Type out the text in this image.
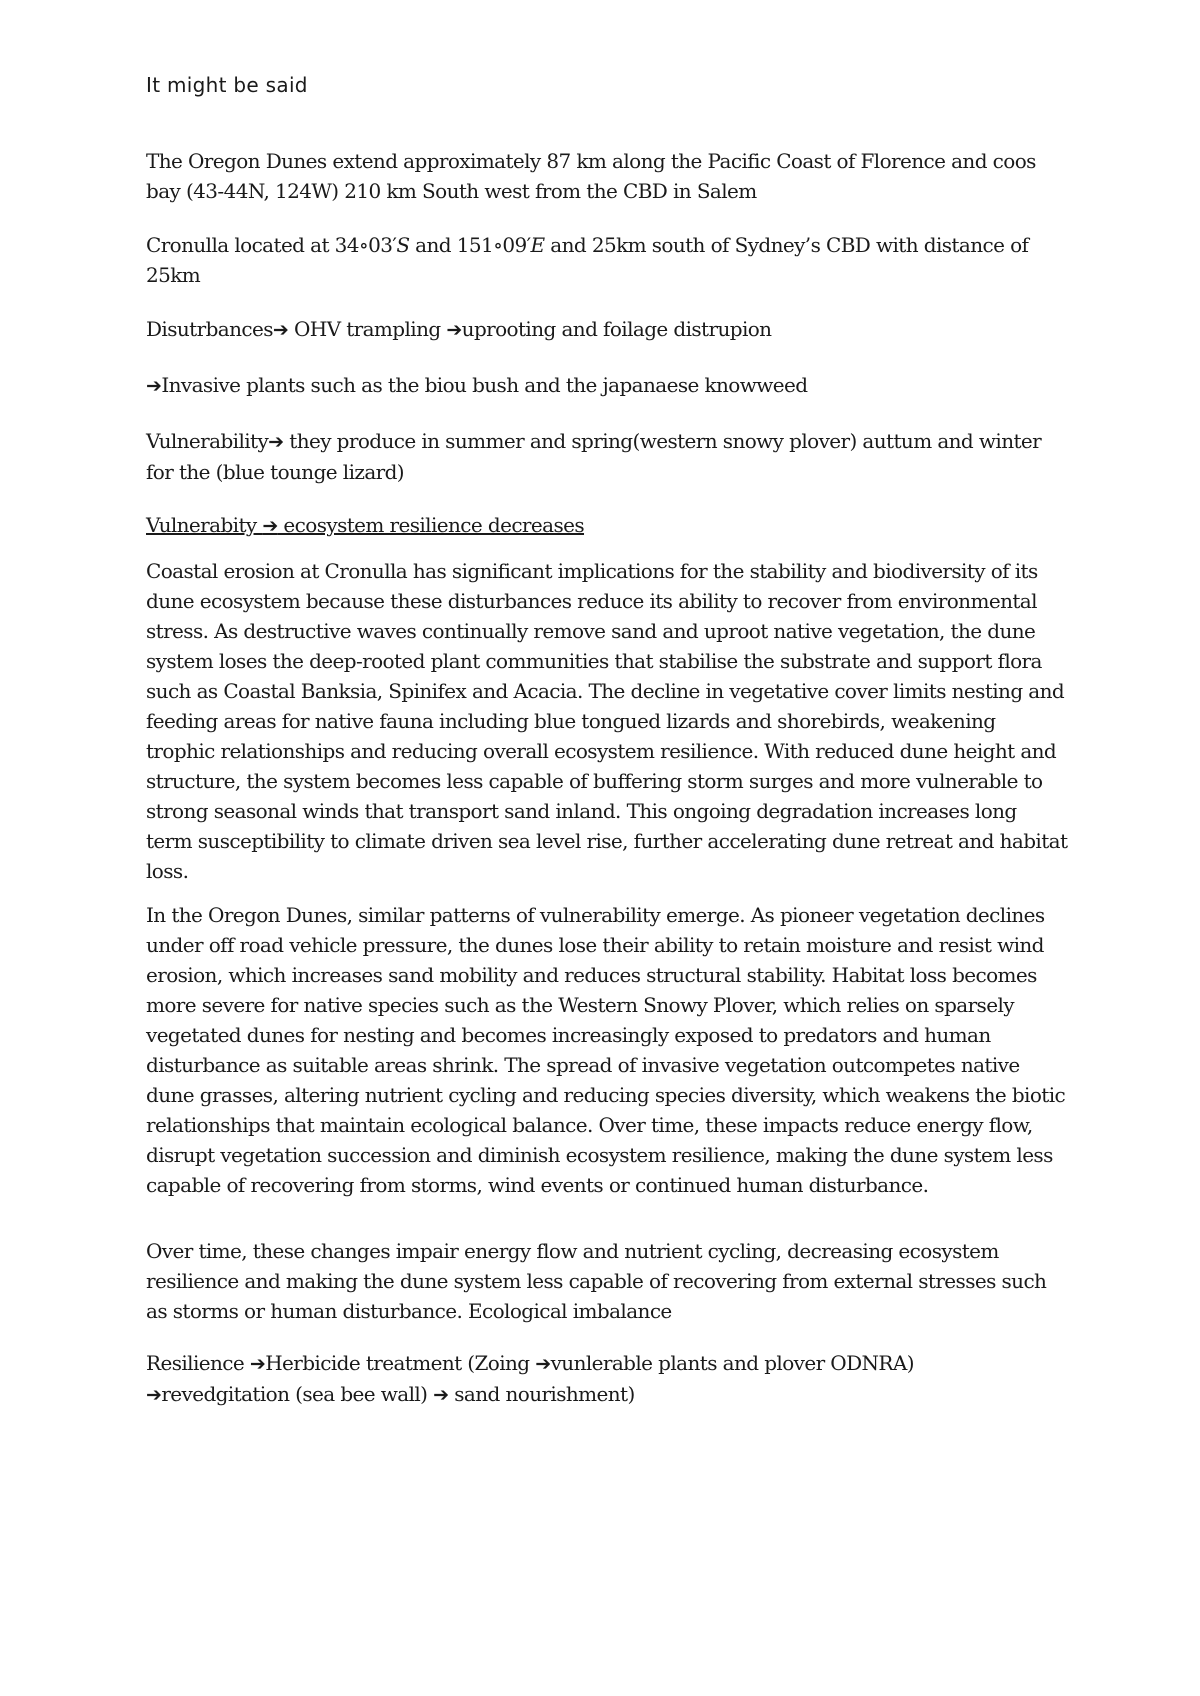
It might be said

The Oregon Dunes extend approximately 87 km along the Pacific Coast of Florence and coos bay (43-44N, 124W) 210 km South west from the CBD in Salem

Cronulla located at 34∘03′S and 151∘09′E and 25km south of Sydney’s CBD with distance of 25km

Disutrbances➔ OHV trampling ➔uprooting and foilage distrupion

➔Invasive plants such as the biou bush and the japanaese knowweed

Vulnerability➔ they produce in summer and spring(western snowy plover) auttum and winter for the (blue tounge lizard)

Vulnerabity ➔ ecosystem resilience decreases

Coastal erosion at Cronulla has significant implications for the stability and biodiversity of its dune ecosystem because these disturbances reduce its ability to recover from environmental stress. As destructive waves continually remove sand and uproot native vegetation, the dune system loses the deep-rooted plant communities that stabilise the substrate and support flora such as Coastal Banksia, Spinifex and Acacia. The decline in vegetative cover limits nesting and feeding areas for native fauna including blue tongued lizards and shorebirds, weakening trophic relationships and reducing overall ecosystem resilience. With reduced dune height and structure, the system becomes less capable of buffering storm surges and more vulnerable to strong seasonal winds that transport sand inland. This ongoing degradation increases long term susceptibility to climate driven sea level rise, further accelerating dune retreat and habitat loss.

In the Oregon Dunes, similar patterns of vulnerability emerge. As pioneer vegetation declines under off road vehicle pressure, the dunes lose their ability to retain moisture and resist wind erosion, which increases sand mobility and reduces structural stability. Habitat loss becomes more severe for native species such as the Western Snowy Plover, which relies on sparsely vegetated dunes for nesting and becomes increasingly exposed to predators and human disturbance as suitable areas shrink. The spread of invasive vegetation outcompetes native dune grasses, altering nutrient cycling and reducing species diversity, which weakens the biotic relationships that maintain ecological balance. Over time, these impacts reduce energy flow, disrupt vegetation succession and diminish ecosystem resilience, making the dune system less capable of recovering from storms, wind events or continued human disturbance.

Over time, these changes impair energy flow and nutrient cycling, decreasing ecosystem resilience and making the dune system less capable of recovering from external stresses such as storms or human disturbance. Ecological imbalance

Resilience ➔Herbicide treatment (Zoing ➔vunlerable plants and plover ODNRA)
➔revedgitation (sea bee wall) ➔ sand nourishment)
